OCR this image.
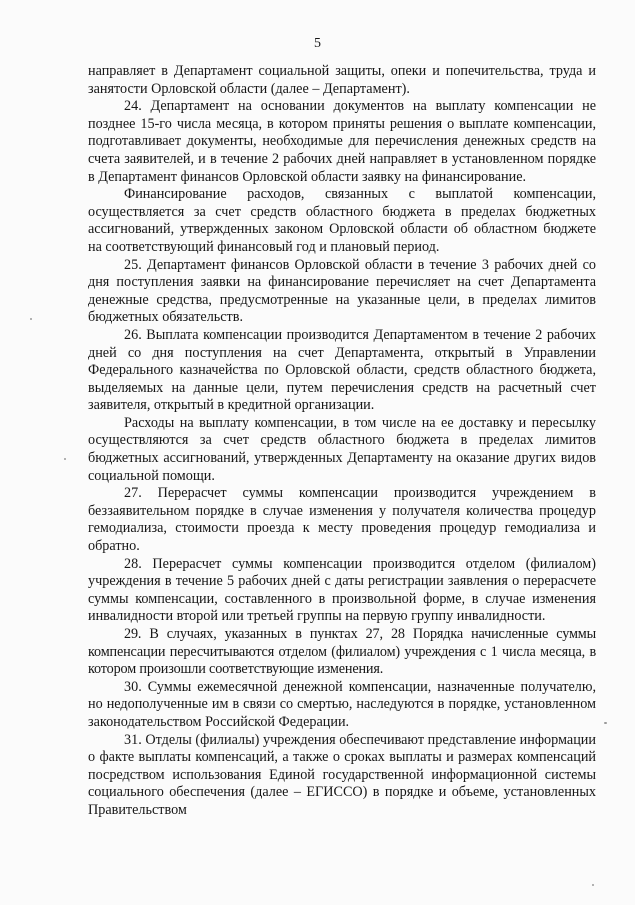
5

направляет в Департамент социальной защиты, опеки и попечительства, труда и занятости Орловской области (далее – Департамент).

24. Департамент на основании документов на выплату компенсации не позднее 15-го числа месяца, в котором приняты решения о выплате компенсации, подготавливает документы, необходимые для перечисления денежных средств на счета заявителей, и в течение 2 рабочих дней направляет в установленном порядке в Департамент финансов Орловской области заявку на финансирование.

Финансирование расходов, связанных с выплатой компенсации, осуществляется за счет средств областного бюджета в пределах бюджетных ассигнований, утвержденных законом Орловской области об областном бюджете на соответствующий финансовый год и плановый период.

25. Департамент финансов Орловской области в течение 3 рабочих дней со дня поступления заявки на финансирование перечисляет на счет Департамента денежные средства, предусмотренные на указанные цели, в пределах лимитов бюджетных обязательств.

26. Выплата компенсации производится Департаментом в течение 2 рабочих дней со дня поступления на счет Департамента, открытый в Управлении Федерального казначейства по Орловской области, средств областного бюджета, выделяемых на данные цели, путем перечисления средств на расчетный счет заявителя, открытый в кредитной организации.

Расходы на выплату компенсации, в том числе на ее доставку и пересылку осуществляются за счет средств областного бюджета в пределах лимитов бюджетных ассигнований, утвержденных Департаменту на оказание других видов социальной помощи.

27. Перерасчет суммы компенсации производится учреждением в беззаявительном порядке в случае изменения у получателя количества процедур гемодиализа, стоимости проезда к месту проведения процедур гемодиализа и обратно.

28. Перерасчет суммы компенсации производится отделом (филиалом) учреждения в течение 5 рабочих дней с даты регистрации заявления о перерасчете суммы компенсации, составленного в произвольной форме, в случае изменения инвалидности второй или третьей группы на первую группу инвалидности.

29. В случаях, указанных в пунктах 27, 28 Порядка начисленные суммы компенсации пересчитываются отделом (филиалом) учреждения с 1 числа месяца, в котором произошли соответствующие изменения.

30. Суммы ежемесячной денежной компенсации, назначенные получателю, но недополученные им в связи со смертью, наследуются в порядке, установленном законодательством Российской Федерации.

31. Отделы (филиалы) учреждения обеспечивают представление информации о факте выплаты компенсаций, а также о сроках выплаты и размерах компенсаций посредством использования Единой государственной информационной системы социального обеспечения (далее – ЕГИССО) в порядке и объеме, установленных Правительством
